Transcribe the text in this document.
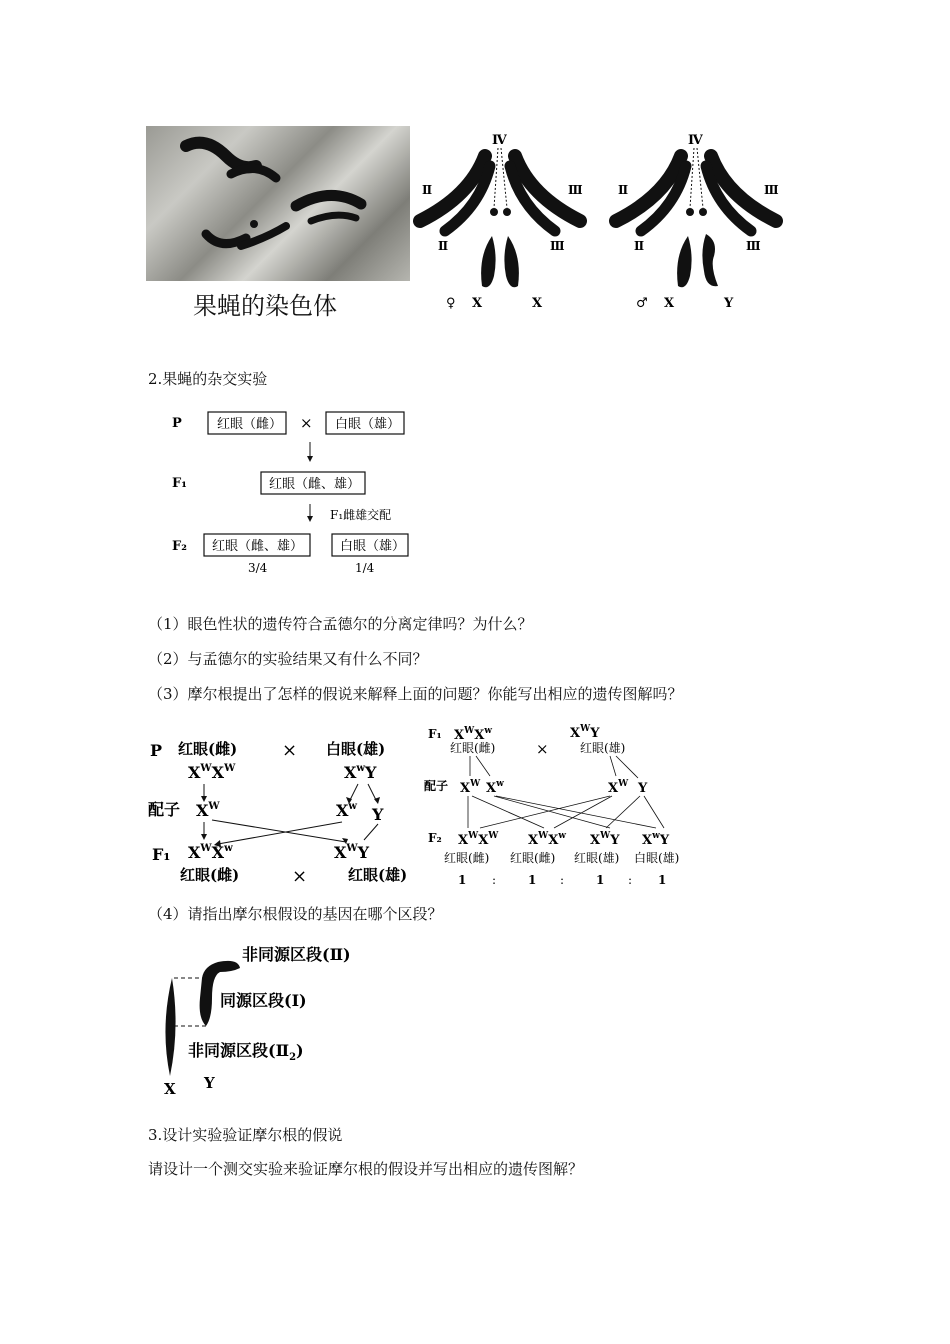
果蝇的染色体
Ⅳ
Ⅱ
Ⅱ
Ⅲ
Ⅲ
♀ X	X
Ⅳ
Ⅱ
Ⅱ
Ⅲ
Ⅲ
♂ X	Y
2.果蝇的杂交实验
P	红眼（雌） × 白眼（雄）
F₁	红眼（雌、雄）
F₁雌雄交配
F₂ 红眼（雌、雄）	白眼（雄）
3/4	1/4
（1）眼色性状的遗传符合孟德尔的分离定律吗？为什么？
（2）与孟德尔的实验结果又有什么不同？
（3）摩尔根提出了怎样的假说来解释上面的问题？你能写出相应的遗传图解吗？
P 红眼(雌) × 白眼(雄)
$X^WX^W$	$X^wY$
配子 $X^W$	$X^w$ Y
F₁ $X^WX^w$	$X^WY$
红眼(雌)	×	红眼(雄)
F₁ $X^WX^w$	$X^WY$
红眼(雌)	×	红眼(雄)
配子 $X^W$ $X^w$	$X^W$ Y
F₂ $X^WX^W$ $X^WX^w$ $X^WY$ $X^wY$
红眼(雌) 红眼(雌) 红眼(雄) 白眼(雄)
1 :	1 :	1 : 1
（4）请指出摩尔根假设的基因在哪个区段？
非同源区段(Ⅱ)
同源区段(Ⅰ)
非同源区段$(Ⅱ_2)$
X Y
3.设计实验验证摩尔根的假说
请设计一个测交实验来验证摩尔根的假设并写出相应的遗传图解？
